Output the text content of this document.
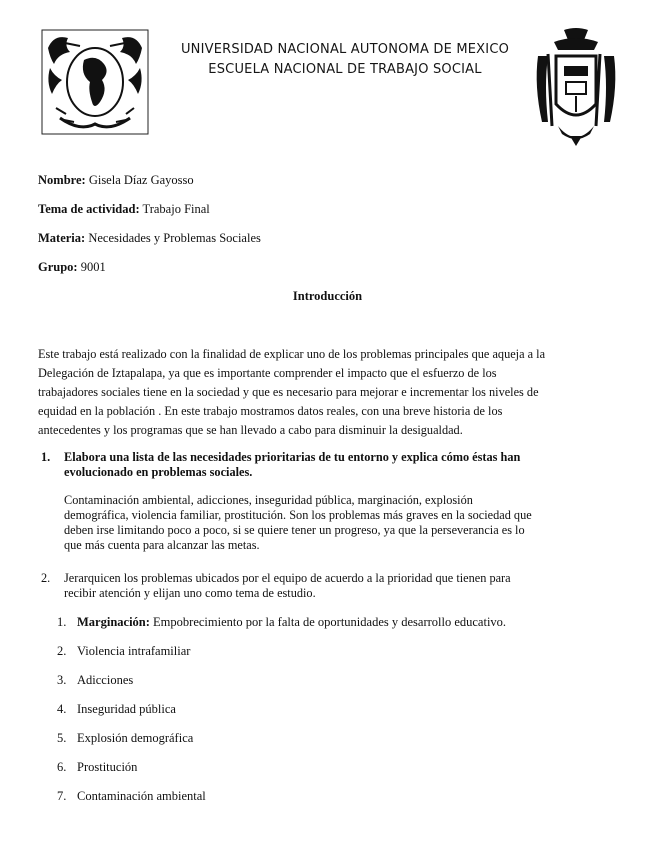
UNIVERSIDAD NACIONAL AUTONOMA DE MEXICO
ESCUELA NACIONAL DE TRABAJO SOCIAL
Nombre: Gisela Díaz Gayosso
Tema de actividad: Trabajo Final
Materia: Necesidades y Problemas Sociales
Grupo: 9001
Introducción
Este trabajo está realizado con la finalidad de explicar uno de los problemas principales que aqueja a la
Delegación de Iztapalapa, ya que es importante comprender el impacto que el esfuerzo de los
trabajadores sociales tiene en la sociedad y que es necesario para mejorar e incrementar los niveles de
equidad en la población . En este trabajo mostramos datos reales, con una breve historia de los
antecedentes y los programas que se han llevado a cabo para disminuir la desigualdad.
1. Elabora una lista de las necesidades prioritarias de tu entorno y explica cómo éstas han
evolucionado en problemas sociales.
Contaminación ambiental, adicciones, inseguridad pública, marginación, explosión
demográfica, violencia familiar, prostitución. Son los problemas más graves en la sociedad que
deben irse limitando poco a poco, si se quiere tener un progreso, ya que la perseverancia es lo
que más cuenta para alcanzar las metas.
2. Jerarquicen los problemas ubicados por el equipo de acuerdo a la prioridad que tienen para
recibir atención y elijan uno como tema de estudio.
1. Marginación: Empobrecimiento por la falta de oportunidades y desarrollo educativo.
2. Violencia intrafamiliar
3. Adicciones
4. Inseguridad pública
5. Explosión demográfica
6. Prostitución
7. Contaminación ambiental
